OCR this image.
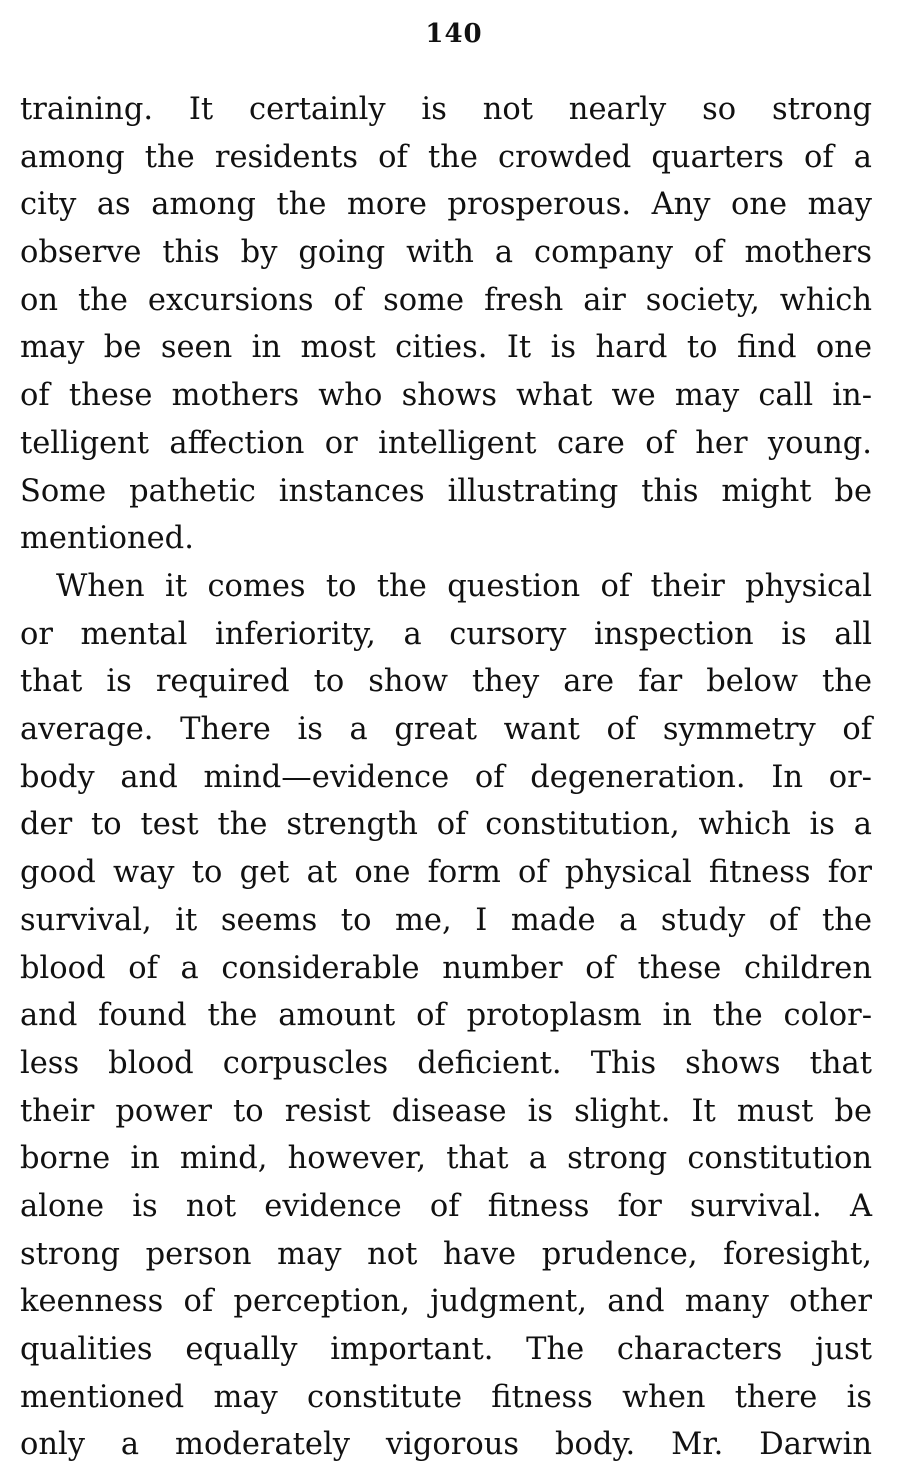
140
training. It certainly is not nearly so strong
among the residents of the crowded quarters of a
city as among the more prosperous. Any one may
observe this by going with a company of mothers
on the excursions of some fresh air society, which
may be seen in most cities. It is hard to find one
of these mothers who shows what we may call in-
telligent affection or intelligent care of her young.
Some pathetic instances illustrating this might be
mentioned.
When it comes to the question of their physical
or mental inferiority, a cursory inspection is all
that is required to show they are far below the
average. There is a great want of symmetry of
body and mind—evidence of degeneration. In or-
der to test the strength of constitution, which is a
good way to get at one form of physical fitness for
survival, it seems to me, I made a study of the
blood of a considerable number of these children
and found the amount of protoplasm in the color-
less blood corpuscles deficient. This shows that
their power to resist disease is slight. It must be
borne in mind, however, that a strong constitution
alone is not evidence of fitness for survival. A
strong person may not have prudence, foresight,
keenness of perception, judgment, and many other
qualities equally important. The characters just
mentioned may constitute fitness when there is
only a moderately vigorous body. Mr. Darwin
